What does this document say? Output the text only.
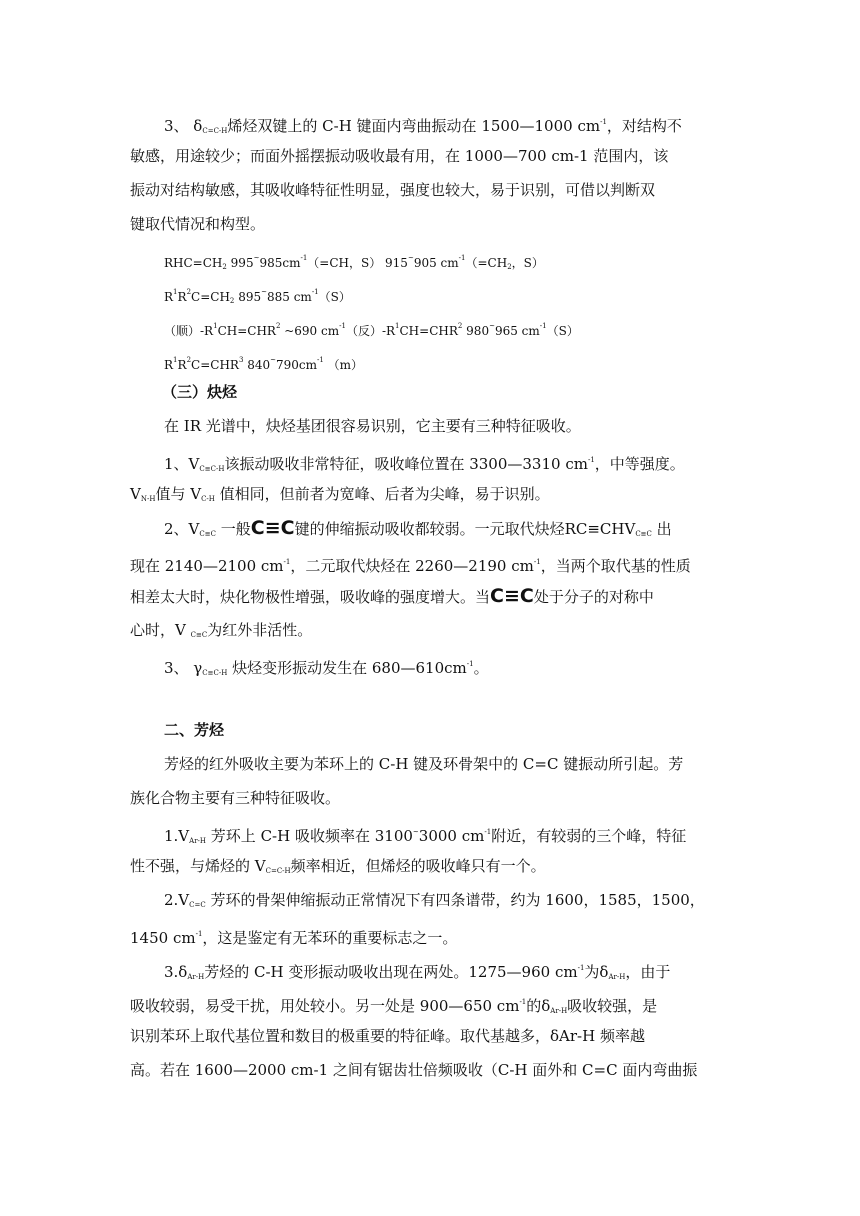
3、 $\delta_{C=C-H}$烯烃双键上的 C-H 键面内弯曲振动在 1500—1000 $cm^{-1}$，对结构不
敏感，用途较少；而面外摇摆振动吸收最有用，在 1000—700 cm-1 范围内，该
振动对结构敏感，其吸收峰特征性明显，强度也较大，易于识别，可借以判断双
键取代情况和构型。
$RHC=CH_2$ $995^\sim 985cm^{-1}(=CH$，S） 915~905 $cm^{-1}(=CH_2$，S）
$R^1R^2C=CH_2$ 895~885 $cm^{-1}(S)$
（顺）$-R^1CH=CHR^2$ ~690 $cm^{-1}$（反）$-R^1CH=CHR^2$ 980~965 $cm^{-1}(S)$
$R^1R^2C=CHR^3$ $840^\sim 790cm^{-1}$ （m）
（三）炔烃
在 IR 光谱中，炔烃基团很容易识别，它主要有三种特征吸收。
1、$V_{C\equiv C-H}$该振动吸收非常特征，吸收峰位置在 3300—3310 $cm^{-1}$，中等强度。
$V_{N-H}$值与 $V_{C-H}$ 值相同，但前者为宽峰、后者为尖峰，易于识别。
2、$V_{C\equiv C}$ 一般C≡C键的伸缩振动吸收都较弱。一元取代炔烃$RC\equiv CHV_{C\equiv C}$ 出
现在 2140—2100 $cm^{-1}$，二元取代炔烃在 2260—2190 $cm^{-1}$，当两个取代基的性质
相差太大时，炔化物极性增强，吸收峰的强度增大。当C≡C处于分子的对称中
心时，V $_{C\equiv C}$为红外非活性。
3、 $\gamma_{C\equiv C-H}$ 炔烃变形振动发生在 $680—610cm^{-1}$。
二、芳烃
芳烃的红外吸收主要为苯环上的 C-H 键及环骨架中的 C=C 键振动所引起。芳
族化合物主要有三种特征吸收。
$1.V_{Ar-H}$ 芳环上 C-H 吸收频率在 3100~3000 $cm^{-1}$附近，有较弱的三个峰，特征
性不强，与烯烃的 $V_{C=C-H}$频率相近，但烯烃的吸收峰只有一个。
$2.V_{C=C}$ 芳环的骨架伸缩振动正常情况下有四条谱带，约为 1600，1585，1500，
1450 $cm^{-1}$，这是鉴定有无苯环的重要标志之一。
$3.\delta_{Ar-H}$芳烃的 C-H 变形振动吸收出现在两处。1275—960 $cm^{-1}$为$\delta_{Ar-H}$，由于
吸收较弱，易受干扰，用处较小。另一处是 900—650 $cm^{-1}$的$\delta_{Ar-H}$吸收较强，是
识别苯环上取代基位置和数目的极重要的特征峰。取代基越多，δAr-H 频率越
高。若在 1600—2000 cm-1 之间有锯齿壮倍频吸收（C-H 面外和 C=C 面内弯曲振
